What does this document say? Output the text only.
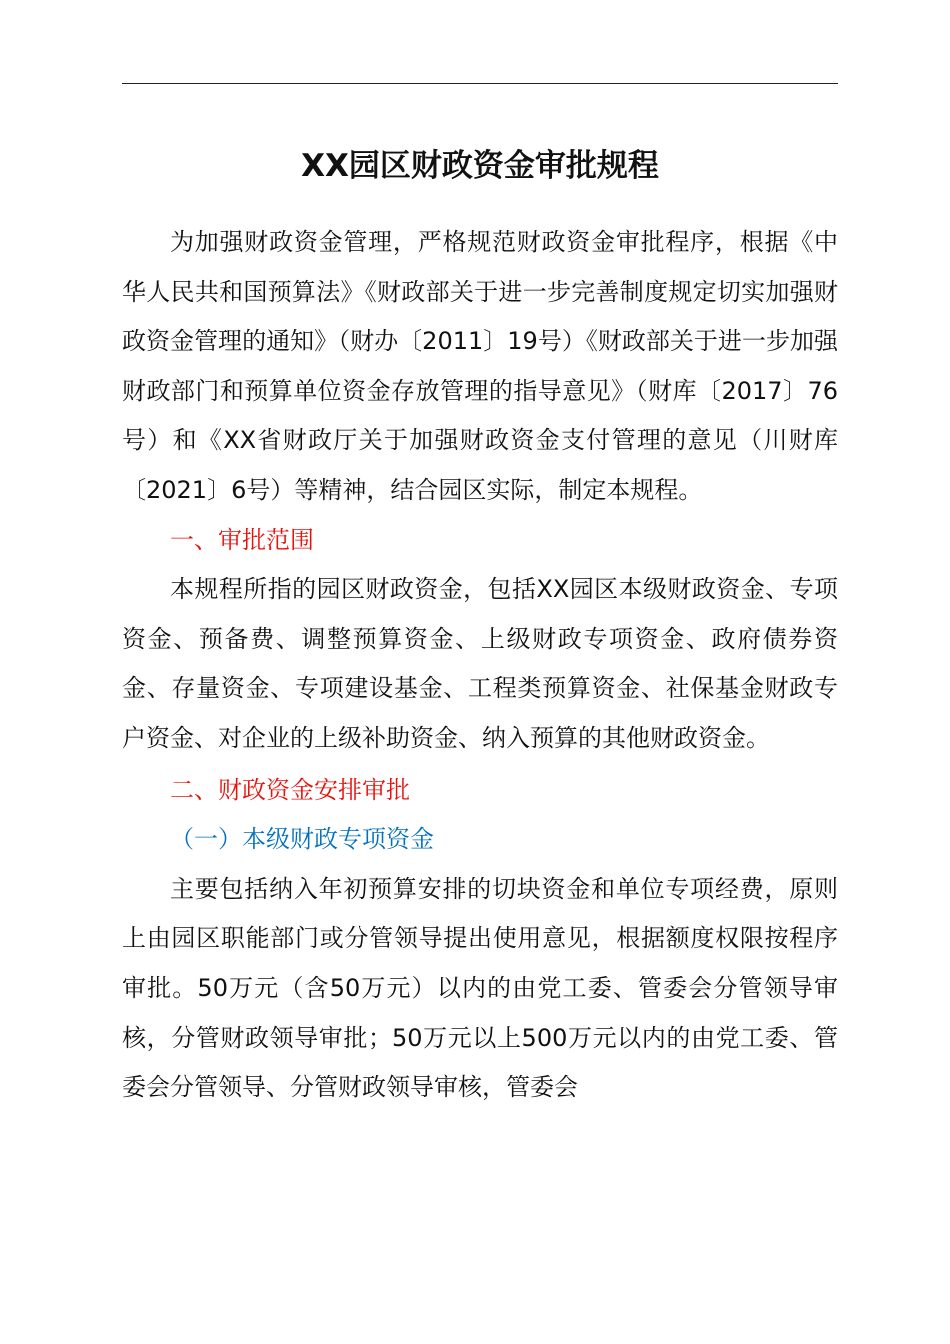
XX园区财政资金审批规程

为加强财政资金管理，严格规范财政资金审批程序，根据《中华人民共和国预算法》《财政部关于进一步完善制度规定切实加强财政资金管理的通知》（财办〔2011〕19号）《财政部关于进一步加强财政部门和预算单位资金存放管理的指导意见》（财库〔2017〕76号）和《XX省财政厅关于加强财政资金支付管理的意见（川财库〔2021〕6号）等精神，结合园区实际，制定本规程。

一、审批范围

本规程所指的园区财政资金，包括XX园区本级财政资金、专项资金、预备费、调整预算资金、上级财政专项资金、政府债券资金、存量资金、专项建设基金、工程类预算资金、社保基金财政专户资金、对企业的上级补助资金、纳入预算的其他财政资金。

二、财政资金安排审批

（一）本级财政专项资金

主要包括纳入年初预算安排的切块资金和单位专项经费，原则上由园区职能部门或分管领导提出使用意见，根据额度权限按程序审批。50万元（含50万元）以内的由党工委、管委会分管领导审核，分管财政领导审批；50万元以上500万元以内的由党工委、管委会分管领导、分管财政领导审核，管委会
